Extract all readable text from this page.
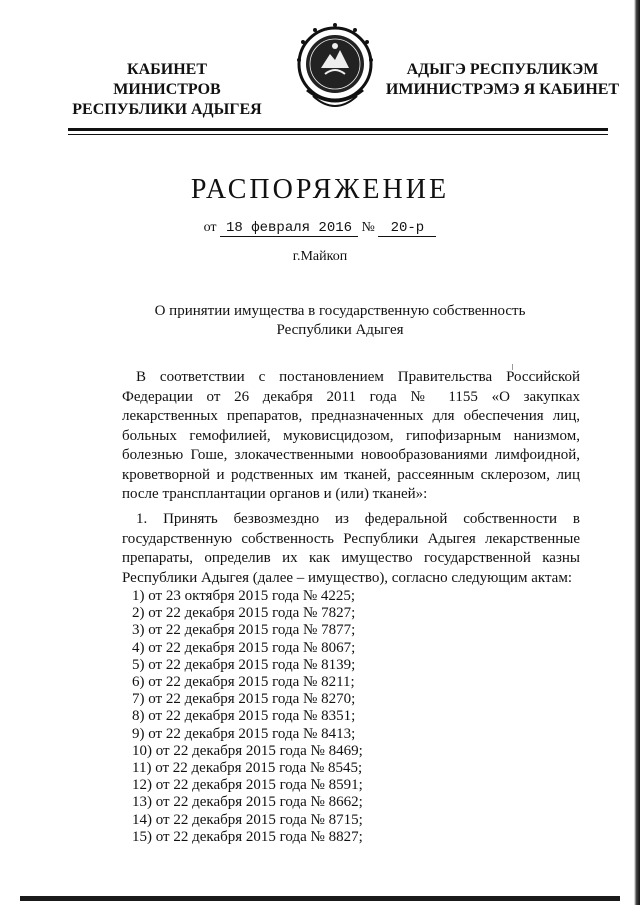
КАБИНЕТ МИНИСТРОВ
РЕСПУБЛИКИ АДЫГЕЯ
АДЫГЭ РЕСПУБЛИКЭМ
ИМИНИСТРЭМЭ Я КАБИНЕТ
РАСПОРЯЖЕНИЕ
от 18 февраля 2016 № 20-р
г.Майкоп
О принятии имущества в государственную собственность
Республики Адыгея

В соответствии с постановлением Правительства Российской Федерации от 26 декабря 2011 года № 1155 «О закупках лекарственных препаратов, предназначенных для обеспечения лиц, больных гемофилией, муковисцидозом, гипофизарным нанизмом, болезнью Гоше, злокачественными новообразованиями лимфоидной, кроветворной и родственных им тканей, рассеянным склерозом, лиц после трансплантации органов и (или) тканей»:

1. Принять безвозмездно из федеральной собственности в государственную собственность Республики Адыгея лекарственные препараты, определив их как имущество государственной казны Республики Адыгея (далее – имущество), согласно следующим актам:

1) от 23 октября 2015 года № 4225;
2) от 22 декабря 2015 года № 7827;
3) от 22 декабря 2015 года № 7877;
4) от 22 декабря 2015 года № 8067;
5) от 22 декабря 2015 года № 8139;
6) от 22 декабря 2015 года № 8211;
7) от 22 декабря 2015 года № 8270;
8) от 22 декабря 2015 года № 8351;
9) от 22 декабря 2015 года № 8413;
10) от 22 декабря 2015 года № 8469;
11) от 22 декабря 2015 года № 8545;
12) от 22 декабря 2015 года № 8591;
13) от 22 декабря 2015 года № 8662;
14) от 22 декабря 2015 года № 8715;
15) от 22 декабря 2015 года № 8827;
